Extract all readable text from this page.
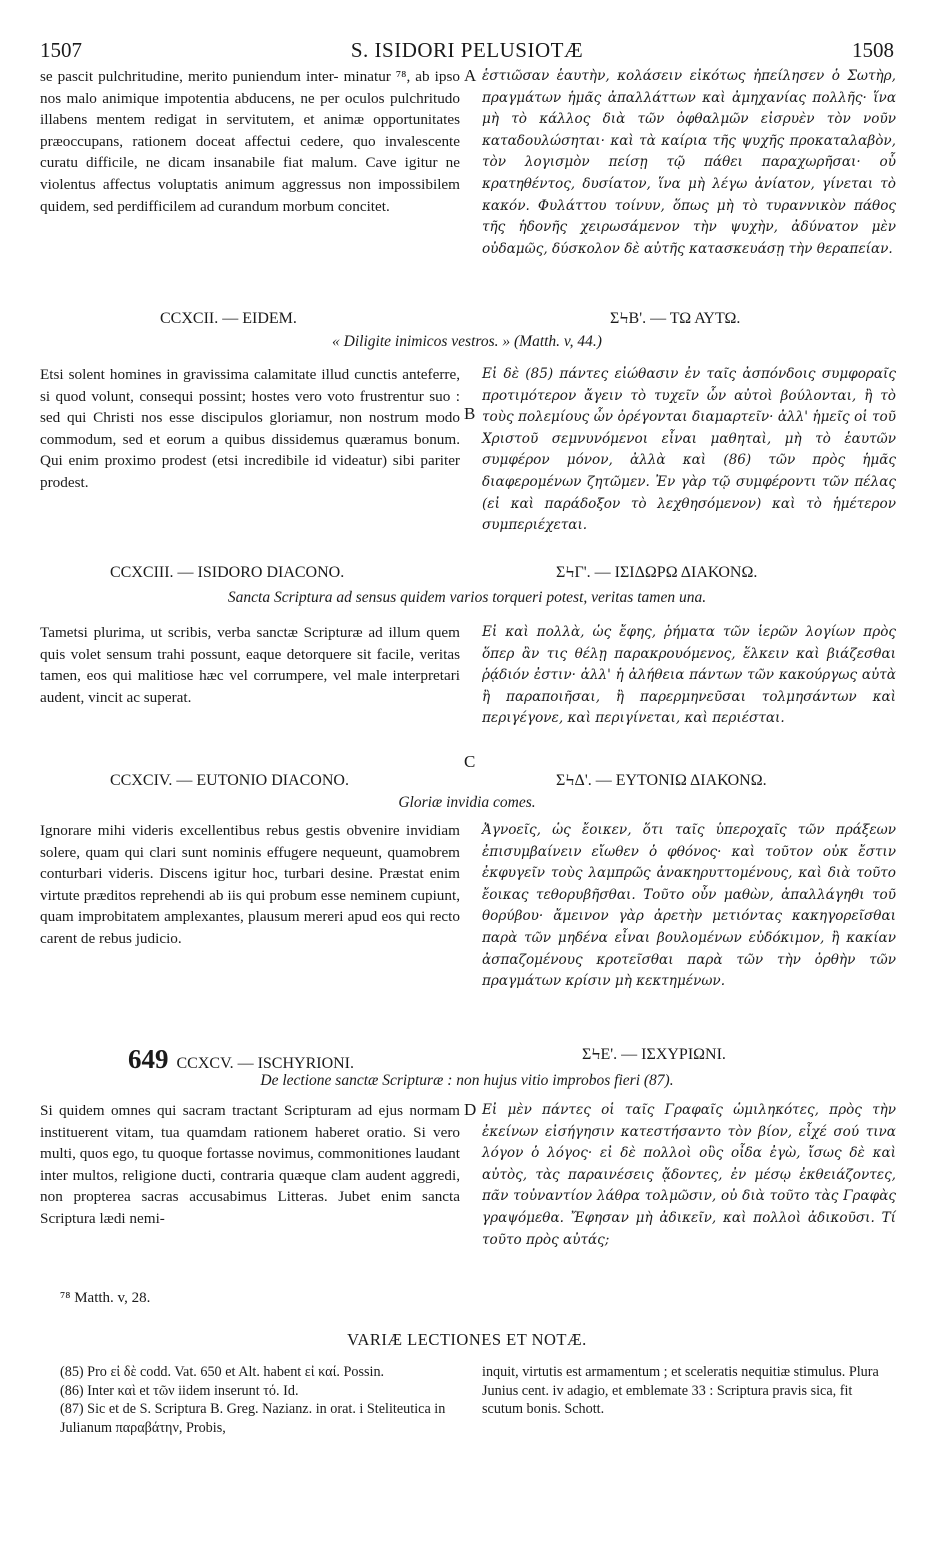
1507	S. ISIDORI PELUSIOTÆ	1508

se pascit pulchritudine, merito puniendum inter- minatur ⁷⁸, ab ipso nos malo animique impotentia abducens, ne per oculos pulchritudo illabens mentem redigat in servitutem, et animæ opportunitates præoccupans, rationem doceat affectui cedere, quo invalescente curatu difficile, ne dicam insanabile fiat malum. Cave igitur ne violentus affectus voluptatis animum aggressus non impossibilem quidem, sed perdifficilem ad curandum morbum concitet.

A ἑστιῶσαν ἑαυτὴν, κολάσειν εἰκότως ἠπείλησεν ὁ Σωτὴρ, πραγμάτων ἡμᾶς ἀπαλλάττων καὶ ἀμηχανίας πολλῆς· ἵνα μὴ τὸ κάλλος διὰ τῶν ὀφθαλμῶν εἰσρυὲν τὸν νοῦν καταδουλώσηται· καὶ τὰ καίρια τῆς ψυχῆς προκαταλαβὸν, τὸν λογισμὸν πείσῃ τῷ πάθει παραχωρῆσαι· οὗ κρατηθέντος, δυσίατον, ἵνα μὴ λέγω ἀνίατον, γίνεται τὸ κακόν. Φυλάττου τοίνυν, ὅπως μὴ τὸ τυραννικὸν πάθος τῆς ἡδονῆς χειρωσάμενον τὴν ψυχὴν, ἀδύνατον μὲν οὐδαμῶς, δύσκολον δὲ αὐτῆς κατασκευάσῃ τὴν θεραπείαν.

CCXCII. — EIDEM.	ΣϞΒ'. — ΤΩ ΑΥΤΩ.
« Diligite inimicos vestros. » (Matth. v, 44.)

Etsi solent homines in gravissima calamitate illud cunctis anteferre, si quod volunt, consequi possint; hostes vero voto frustrentur suo : sed qui Christi nos esse discipulos gloriamur, non nostrum modo commodum, sed et eorum a quibus dissidemus quæramus bonum. Qui enim proximo prodest (etsi incredibile id videatur) sibi pariter prodest.

B

Εἰ δὲ (85) πάντες εἰώθασιν ἐν ταῖς ἀσπόνδοις συμφοραῖς προτιμότερον ἄγειν τὸ τυχεῖν ὧν αὐτοὶ βούλονται, ἢ τὸ τοὺς πολεμίους ὧν ὀρέγονται διαμαρτεῖν· ἀλλ' ἡμεῖς οἱ τοῦ Χριστοῦ σεμνυνόμενοι εἶναι μαθηταὶ, μὴ τὸ ἑαυτῶν συμφέρον μόνον, ἀλλὰ καὶ (86) τῶν πρὸς ἡμᾶς διαφερομένων ζητῶμεν. Ἐν γὰρ τῷ συμφέροντι τῶν πέλας (εἰ καὶ παράδοξον τὸ λεχθησόμενον) καὶ τὸ ἡμέτερον συμπεριέχεται.

CCXCIII. — ISIDORO DIACONO.	ΣϞΓ'. — ΙΣΙΔΩΡΩ ΔΙΑΚΟΝΩ.
Sancta Scriptura ad sensus quidem varios torqueri potest, veritas tamen una.

Tametsi plurima, ut scribis, verba sanctæ Scripturæ ad illum quem quis volet sensum trahi possunt, eaque detorquere sit facile, veritas tamen, eos qui malitiose hæc vel corrumpere, vel male interpretari audent, vincit ac superat.

C

Εἰ καὶ πολλὰ, ὡς ἔφης, ῥήματα τῶν ἱερῶν λογίων πρὸς ὅπερ ἂν τις θέλῃ παρακρουόμενος, ἕλκειν καὶ βιάζεσθαι ῥᾴδιόν ἐστιν· ἀλλ' ἡ ἀλήθεια πάντων τῶν κακούργως αὐτὰ ἢ παραποιῆσαι, ἢ παρερμηνεῦσαι τολμησάντων καὶ περιγέγονε, καὶ περιγίνεται, καὶ περιέσται.

CCXCIV. — EUTONIO DIACONO.	ΣϞΔ'. — ΕΥΤΟΝΙΩ ΔΙΑΚΟΝΩ.
Gloriæ invidia comes.

Ignorare mihi videris excellentibus rebus gestis obvenire invidiam solere, quam qui clari sunt nominis effugere nequeunt, quamobrem conturbari videris. Discens igitur hoc, turbari desine. Præstat enim virtute præditos reprehendi ab iis qui probum esse neminem cupiunt, quam improbitatem amplexantes, plausum mereri apud eos qui recto carent de rebus judicio.

Ἀγνοεῖς, ὡς ἔοικεν, ὅτι ταῖς ὑπεροχαῖς τῶν πράξεων ἐπισυμβαίνειν εἴωθεν ὁ φθόνος· καὶ τοῦτον οὐκ ἔστιν ἐκφυγεῖν τοὺς λαμπρῶς ἀνακηρυττομένους, καὶ διὰ τοῦτο ἔοικας τεθορυβῆσθαι. Τοῦτο οὖν μαθὼν, ἀπαλλάγηθι τοῦ θορύβου· ἄμεινον γὰρ ἀρετὴν μετιόντας κακηγορεῖσθαι παρὰ τῶν μηδένα εἶναι βουλομένων εὐδόκιμον, ἢ κακίαν ἀσπαζομένους κροτεῖσθαι παρὰ τῶν τὴν ὀρθὴν τῶν πραγμάτων κρίσιν μὴ κεκτημένων.

649 CCXCV. — ISCHYRIONI.
ΣϞΕ'. — ΙΣΧΥΡΙΩΝΙ.
De lectione sanctæ Scripturæ : non hujus vitio improbos fieri (87).

Si quidem omnes qui sacram tractant Scripturam ad ejus normam instituerent vitam, tua quamdam rationem haberet oratio. Si vero multi, quos ego, tu quoque fortasse novimus, commonitiones laudant inter multos, religione ducti, contraria quæque clam audent aggredi, non propterea sacras accusabimus Litteras. Jubet enim sancta Scriptura lædi nemi-

D Εἰ μὲν πάντες οἱ ταῖς Γραφαῖς ὡμιληκότες, πρὸς τὴν ἐκείνων εἰσήγησιν κατεστήσαντο τὸν βίον, εἶχέ σού τινα λόγον ὁ λόγος· εἰ δὲ πολλοὶ οὓς οἶδα ἐγὼ, ἴσως δὲ καὶ αὐτὸς, τὰς παραινέσεις ᾄδοντες, ἐν μέσῳ ἐκθειάζοντες, πᾶν τοὐναντίον λάθρα τολμῶσιν, οὐ διὰ τοῦτο τὰς Γραφὰς γραψόμεθα. Ἔφησαν μὴ ἀδικεῖν, καὶ πολλοὶ ἀδικοῦσι. Τί τοῦτο πρὸς αὐτάς;

⁷⁸ Matth. v, 28.
VARIÆ LECTIONES ET NOTÆ.

(85) Pro εἰ δὲ codd. Vat. 650 et Alt. habent εἰ καί. Possin.

(86) Inter καὶ et τῶν iidem inserunt τό. Id.

(87) Sic et de S. Scriptura B. Greg. Nazianz. in orat. i Steliteutica in Julianum παραβάτην, Probis,

inquit, virtutis est armamentum ; et sceleratis nequitiæ stimulus. Plura Junius cent. iv adagio, et emblemate 33 : Scriptura pravis sica, fit scutum bonis. Schott.
